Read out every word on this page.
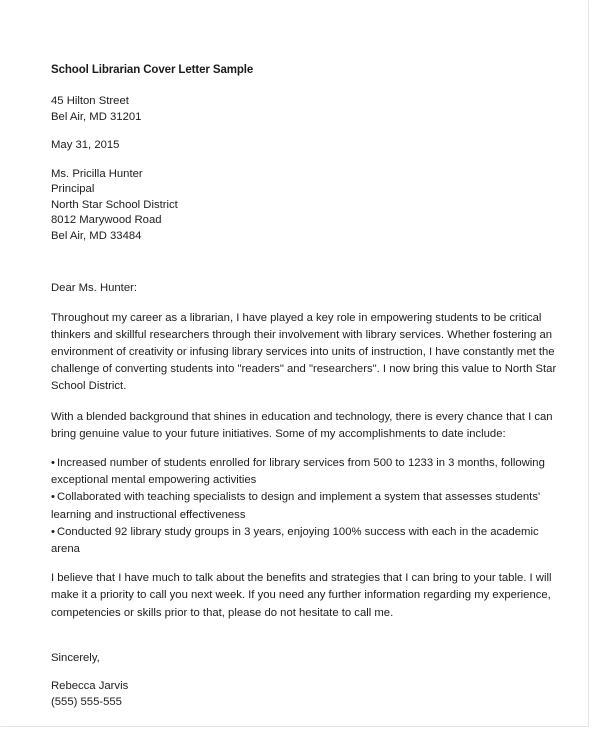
School Librarian Cover Letter Sample
45 Hilton Street
Bel Air, MD 31201
May 31, 2015
Ms. Pricilla Hunter
Principal
North Star School District
8012 Marywood Road
Bel Air, MD 33484
Dear Ms. Hunter:

Throughout my career as a librarian, I have played a key role in empowering students to be critical thinkers and skillful researchers through their involvement with library services. Whether fostering an environment of creativity or infusing library services into units of instruction, I have constantly met the challenge of converting students into "readers" and "researchers". I now bring this value to North Star School District.

With a blended background that shines in education and technology, there is every chance that I can bring genuine value to your future initiatives. Some of my accomplishments to date include:

• Increased number of students enrolled for library services from 500 to 1233 in 3 months, following exceptional mental empowering activities
• Collaborated with teaching specialists to design and implement a system that assesses students' learning and instructional effectiveness
• Conducted 92 library study groups in 3 years, enjoying 100% success with each in the academic arena

I believe that I have much to talk about the benefits and strategies that I can bring to your table. I will make it a priority to call you next week. If you need any further information regarding my experience, competencies or skills prior to that, please do not hesitate to call me.

Sincerely,
Rebecca Jarvis
(555) 555-555
